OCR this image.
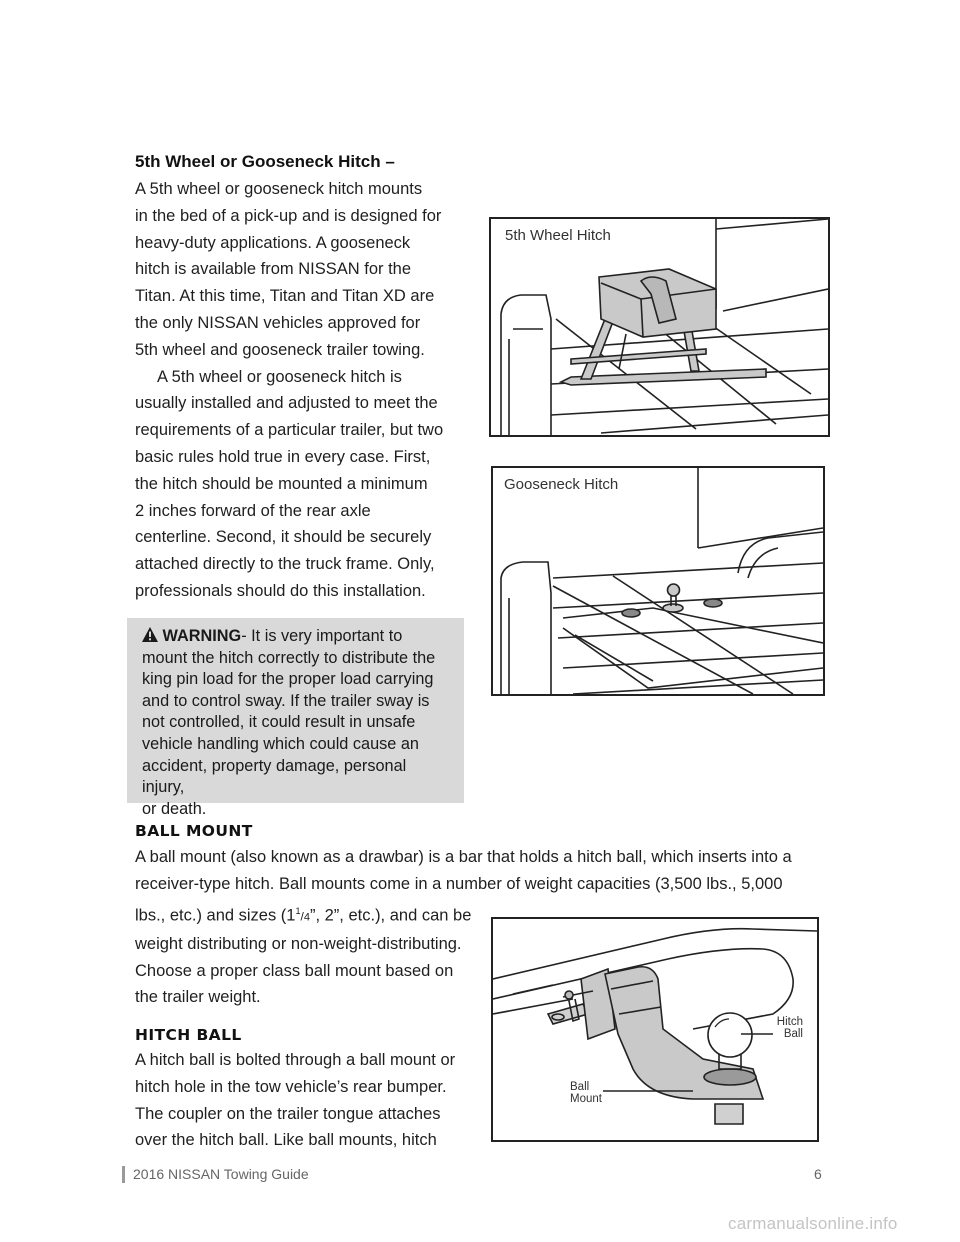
5th Wheel or Gooseneck Hitch –

A 5th wheel or gooseneck hitch mounts

in the bed of a pick-up and is designed for

heavy-duty applications. A gooseneck

hitch is available from NISSAN for the

Titan. At this time, Titan and Titan XD are

the only NISSAN vehicles approved for

5th wheel and gooseneck trailer towing.

A 5th wheel or gooseneck hitch is

usually installed and adjusted to meet the

requirements of a particular trailer, but two

basic rules hold true in every case. First,

the hitch should be mounted a minimum

2 inches forward of the rear axle

centerline. Second, it should be securely

attached directly to the truck frame. Only,

professionals should do this installation.

WARNING- It is very important to
mount the hitch correctly to distribute the
king pin load for the proper load carrying
and to control sway. If the trailer sway is
not controlled, it could result in unsafe
vehicle handling which could cause an
accident, property damage, personal injury,
or death.
5th Wheel Hitch
Gooseneck Hitch
BALL MOUNT

A ball mount (also known as a drawbar) is a bar that holds a hitch ball, which inserts into a

receiver-type hitch. Ball mounts come in a number of weight capacities (3,500 lbs., 5,000

lbs., etc.) and sizes ($1^1/4$”, 2”, etc.), and can be

weight distributing or non-weight-distributing.

Choose a proper class ball mount based on

the trailer weight.

HITCH BALL

A hitch ball is bolted through a ball mount or

hitch hole in the tow vehicle’s rear bumper.

The coupler on the trailer tongue attaches

over the hitch ball. Like ball mounts, hitch

Hitch
Ball
Ball
Mount
2016 NISSAN Towing Guide	6
carmanualsonline.info
